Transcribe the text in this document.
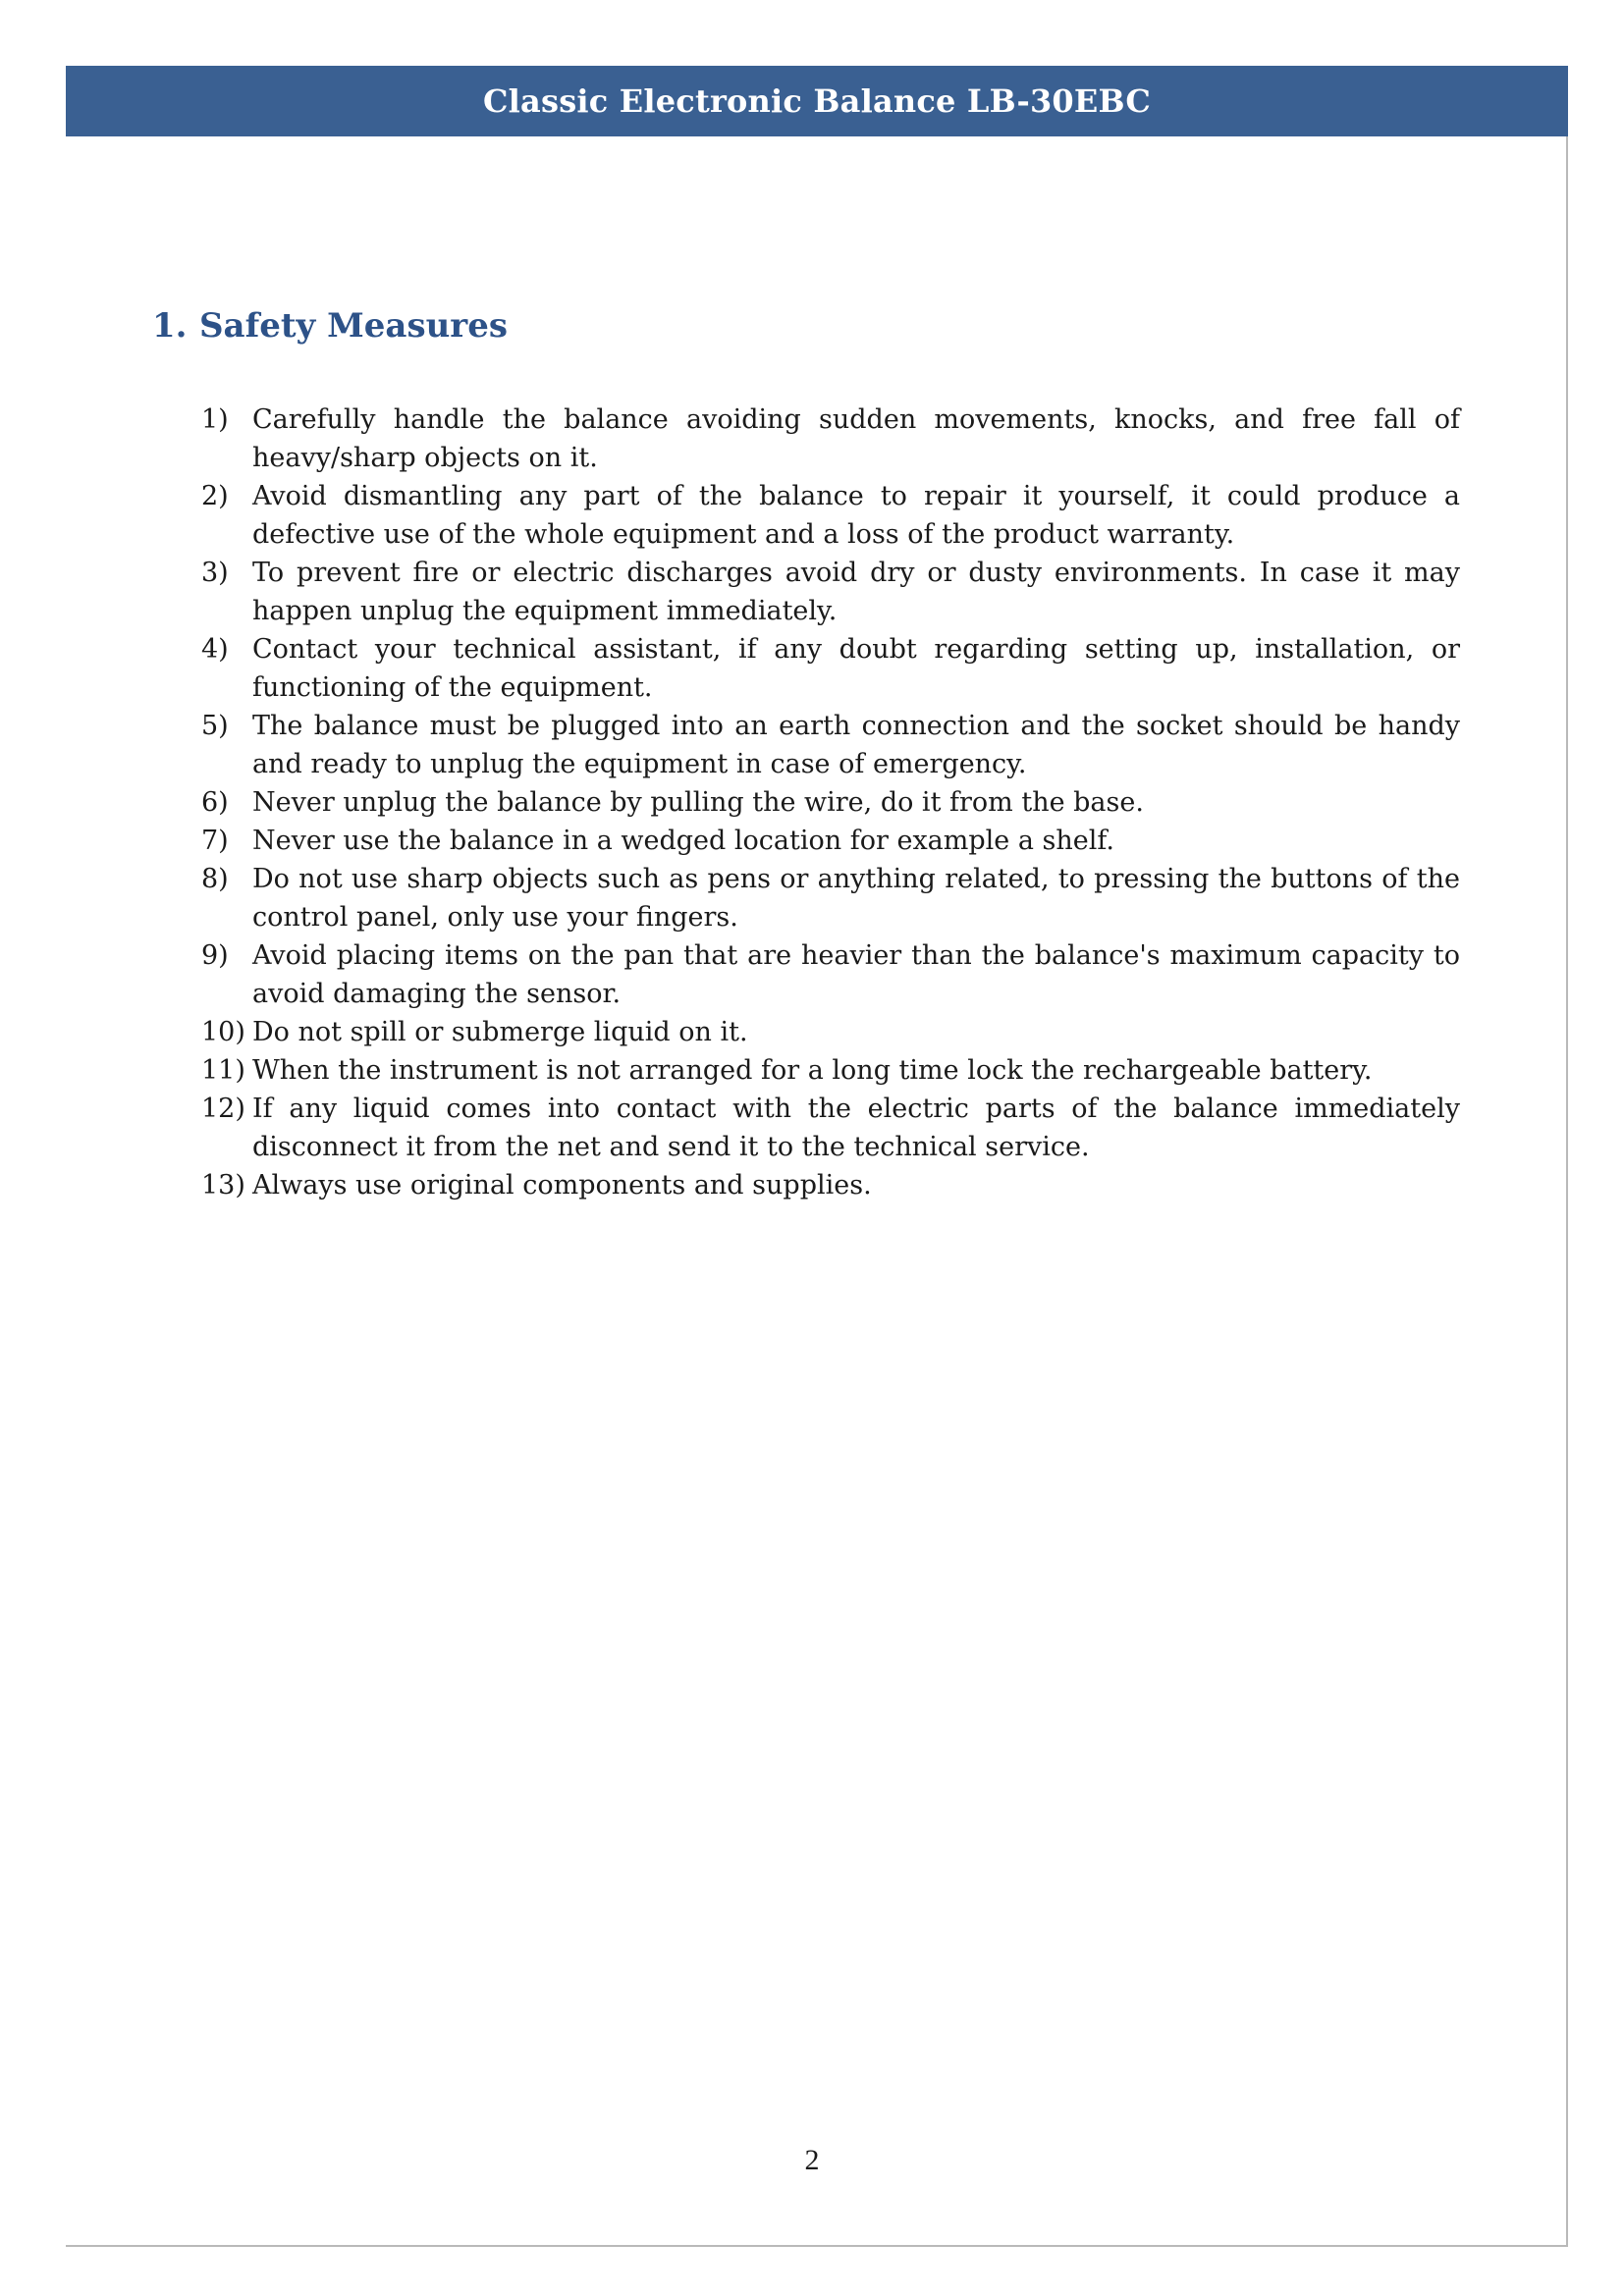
Classic Electronic Balance LB-30EBC
1. Safety Measures
1) Carefully handle the balance avoiding sudden movements, knocks, and free fall of heavy/sharp objects on it.
2) Avoid dismantling any part of the balance to repair it yourself, it could produce a defective use of the whole equipment and a loss of the product warranty.
3) To prevent fire or electric discharges avoid dry or dusty environments. In case it may happen unplug the equipment immediately.
4) Contact your technical assistant, if any doubt regarding setting up, installation, or functioning of the equipment.
5) The balance must be plugged into an earth connection and the socket should be handy and ready to unplug the equipment in case of emergency.
6) Never unplug the balance by pulling the wire, do it from the base.
7) Never use the balance in a wedged location for example a shelf.
8) Do not use sharp objects such as pens or anything related, to pressing the buttons of the control panel, only use your fingers.
9) Avoid placing items on the pan that are heavier than the balance's maximum capacity to avoid damaging the sensor.
10) Do not spill or submerge liquid on it.
11) When the instrument is not arranged for a long time lock the rechargeable battery.
12) If any liquid comes into contact with the electric parts of the balance immediately disconnect it from the net and send it to the technical service.
13) Always use original components and supplies.
2
